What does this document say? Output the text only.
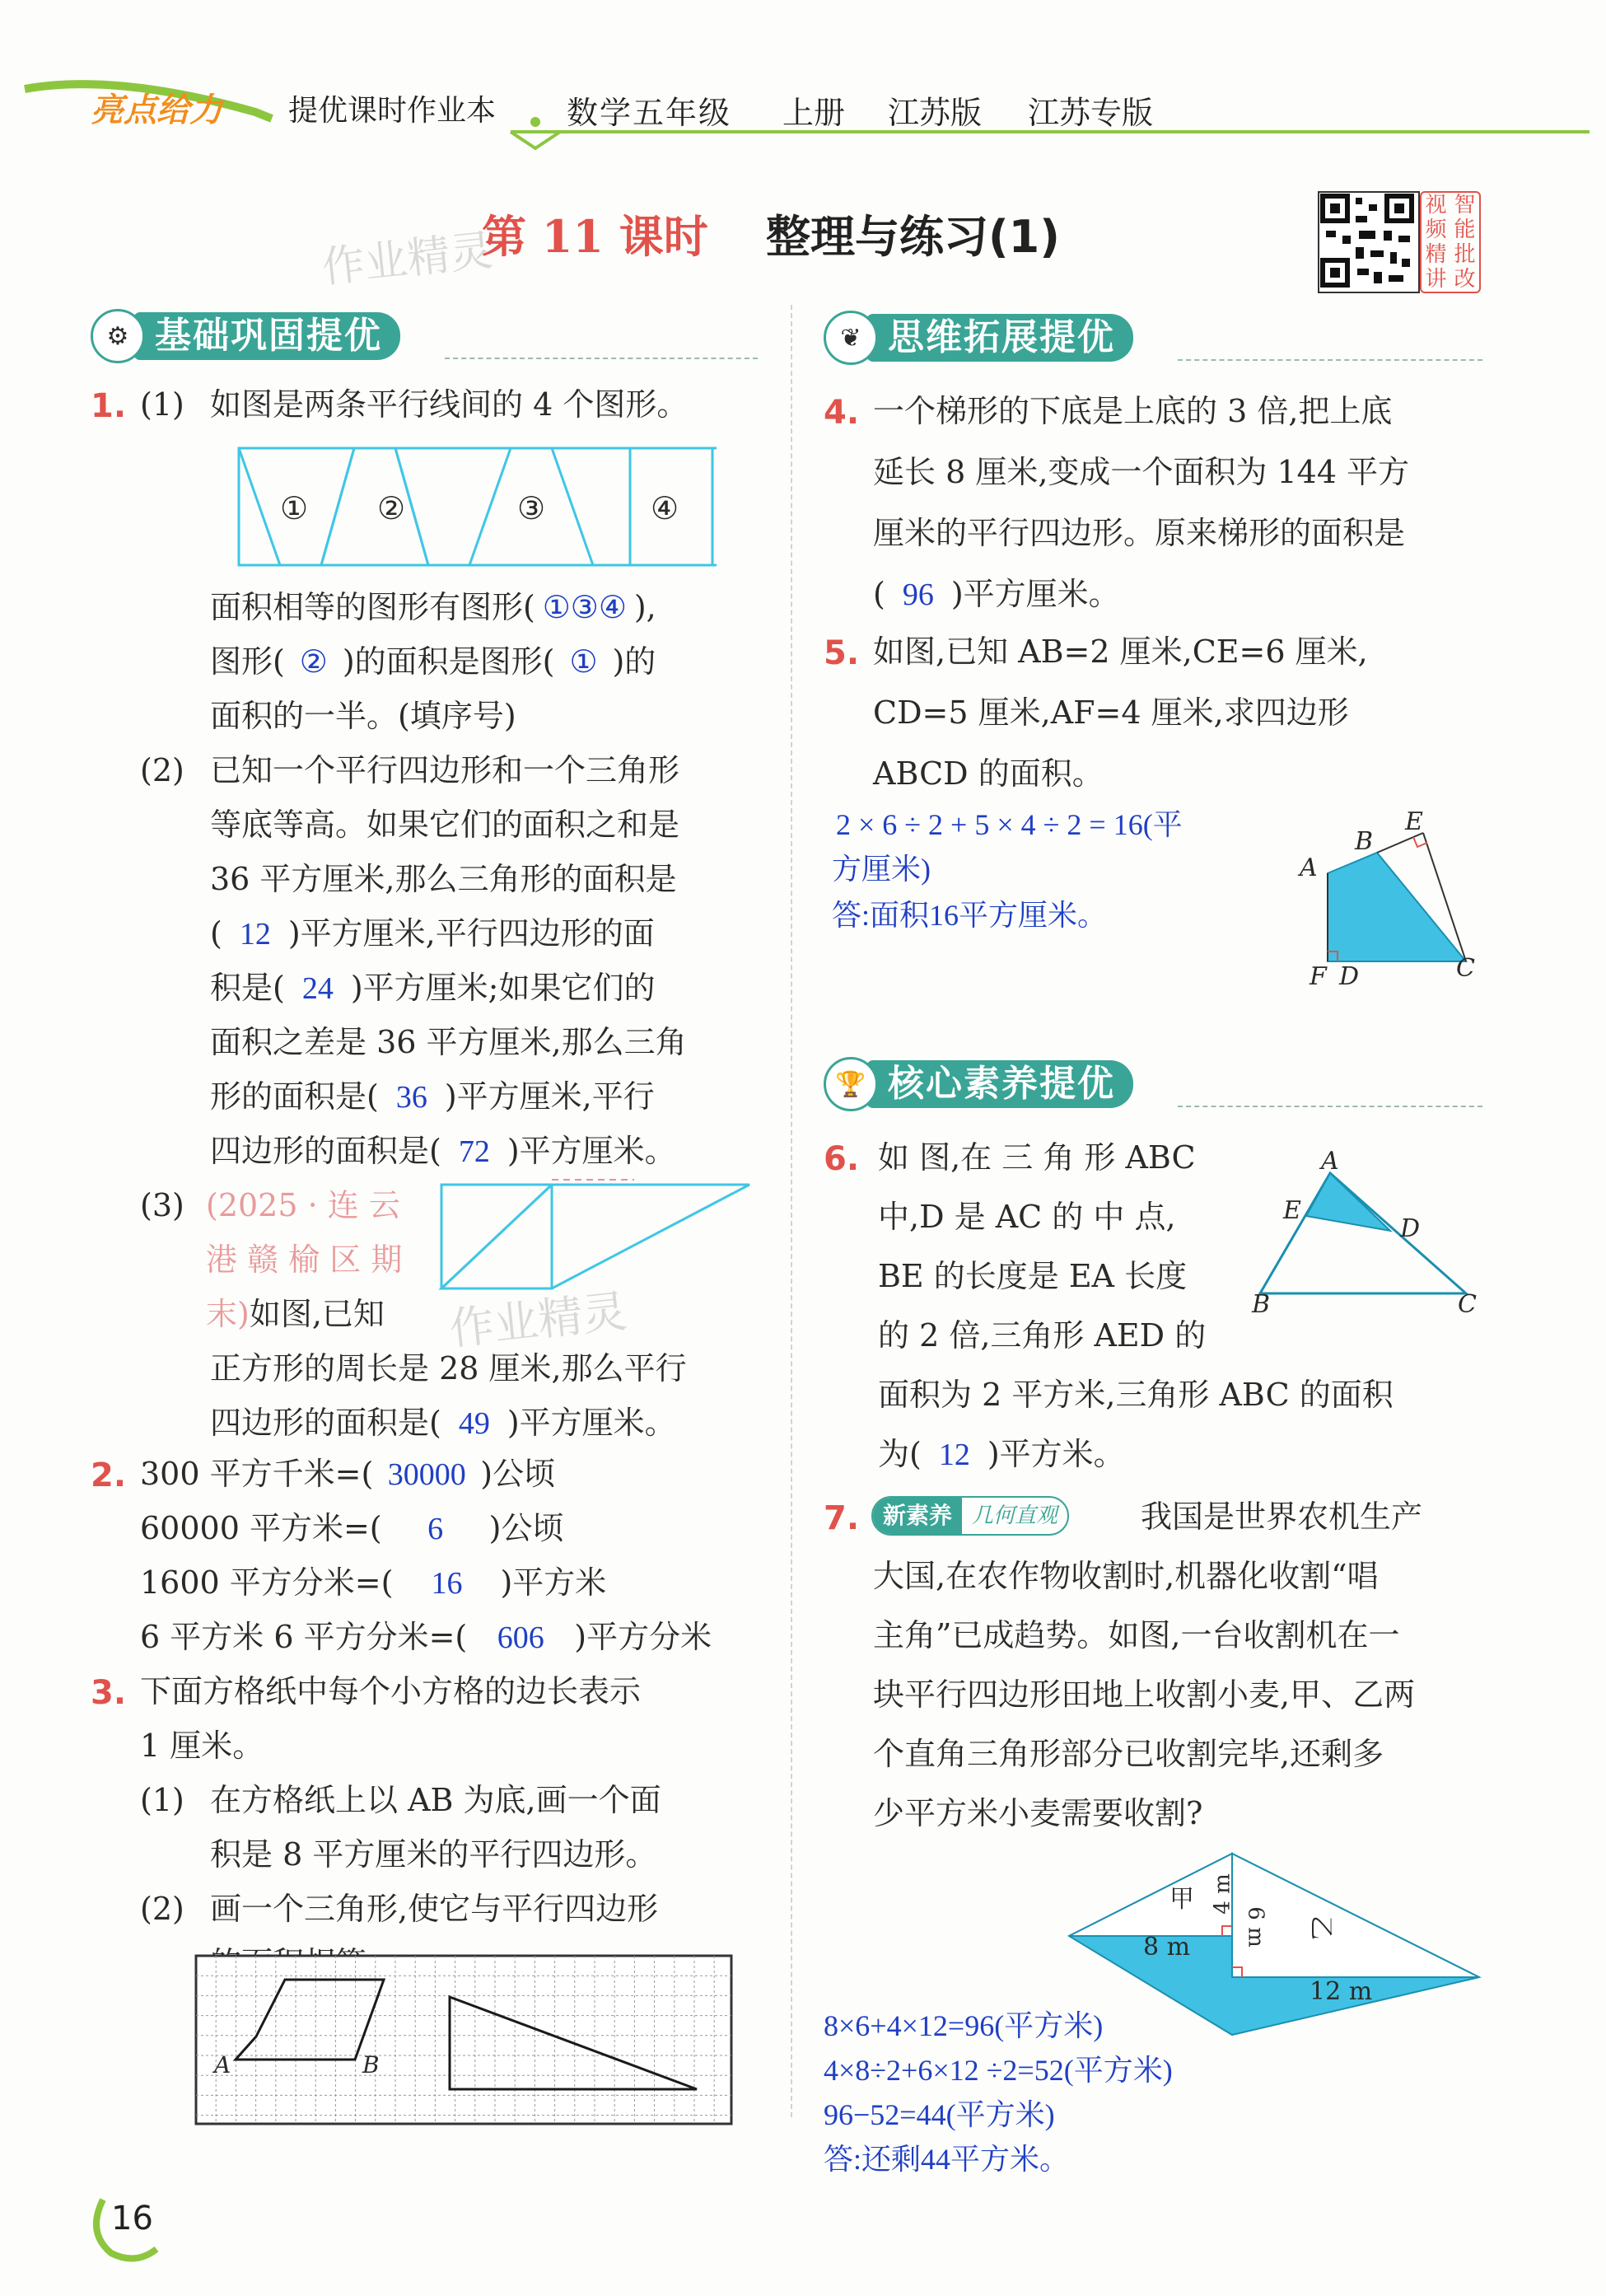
亮点给力 提优课时作业本 数学五年级 上册 江苏版 江苏专版
作业精灵
第 11 课时 整理与练习(1)
视 智
频 能
精 批
讲 改
⚙ 基础巩固提优
1. (1) 如图是两条平行线间的 4 个图形。
① ②	③	④
面积相等的图形有图形( ①③④ ),
图形( ② )的面积是图形( ① )的
面积的一半。(填序号)
(2) 已知一个平行四边形和一个三角形
等底等高。如果它们的面积之和是
36 平方厘米,那么三角形的面积是
( 12 )平方厘米,平行四边形的面
积是( 24 )平方厘米;如果它们的
面积之差是 36 平方厘米,那么三角
形的面积是( 36 )平方厘米,平行
四边形的面积是( 72 )平方厘米。
(3) (2025 · 连 云
港 赣 榆 区 期
末)如图,已知 作业精灵
正方形的周长是 28 厘米,那么平行
四边形的面积是( 49 )平方厘米。
2. 300 平方千米=( 30000 )公顷
60000 平方米=( 6 )公顷
1600 平方分米=( 16 )平方米
6 平方米 6 平方分米=( 606 )平方分米
3. 下面方格纸中每个小方格的边长表示
1 厘米。
(1) 在方格纸上以 AB 为底,画一个面
积是 8 平方厘米的平行四边形。
(2) 画一个三角形,使它与平行四边形
A	B
16
❦ 思维拓展提优
4. 一个梯形的下底是上底的 3 倍,把上底
延长 8 厘米,变成一个面积为 144 平方
厘米的平行四边形。原来梯形的面积是
( 96 )平方厘米。
5. 如图,已知 AB=2 厘米,CE=6 厘米,
CD=5 厘米,AF=4 厘米,求四边形
ABCD 的面积。
2 × 6 ÷ 2 + 5 × 4 ÷ 2 = 16(平
方厘米)
答:面积16平方厘米。
A
B
E
C
F D
🏆 核心素养提优
6. 如 图,在 三 角 形 ABC
中,D 是 AC 的 中 点,
BE 的长度是 EA 长度
的 2 倍,三角形 AED 的
面积为 2 平方米,三角形 ABC 的面积
为( 12 )平方米。
A
E
D
B	C
7.	新素养 几何直观	我国是世界农机生产
大国,在农作物收割时,机器化收割“唱
主角”已成趋势。如图,一台收割机在一
块平行四边形田地上收割小麦,甲、乙两
个直角三角形部分已收割完毕,还剩多
少平方米小麦需要收割?
甲
乙
4 m
6 m
8 m
12 m
8×6+4×12=96(平方米)
4×8÷2+6×12 ÷2=52(平方米)
96−52=44(平方米)
答:还剩44平方米。
